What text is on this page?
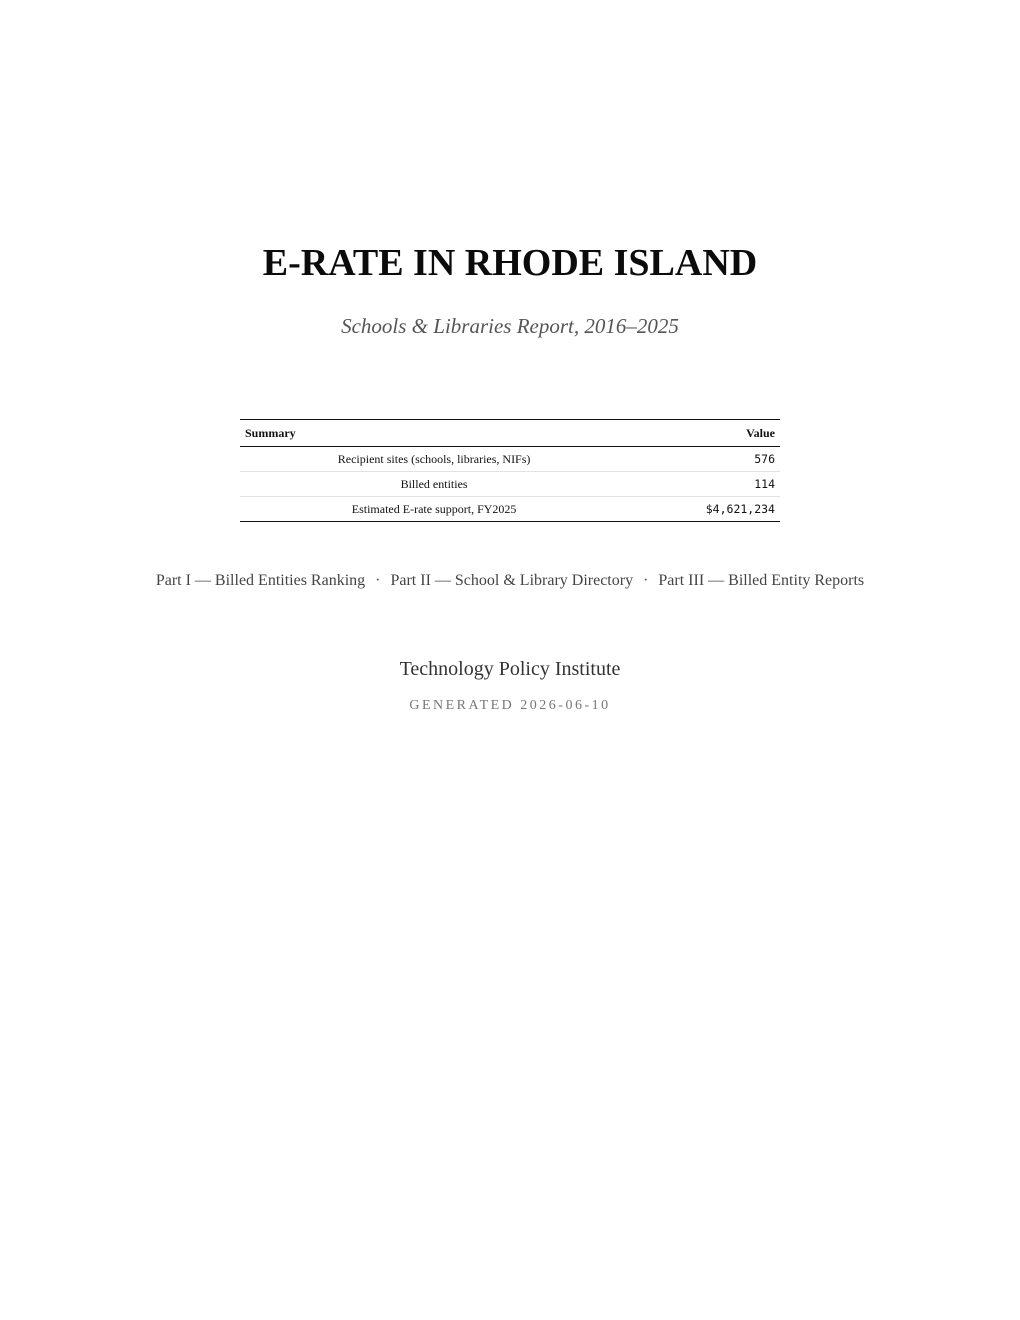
E-RATE IN RHODE ISLAND
Schools & Libraries Report, 2016–2025
Summary	Value
Recipient sites (schools, libraries, NIFs)	576
Billed entities	114
Estimated E-rate support, FY2025	$4,621,234
Part I — Billed Entities Ranking · Part II — School & Library Directory · Part III — Billed Entity Reports
Technology Policy Institute
GENERATED 2026-06-10
